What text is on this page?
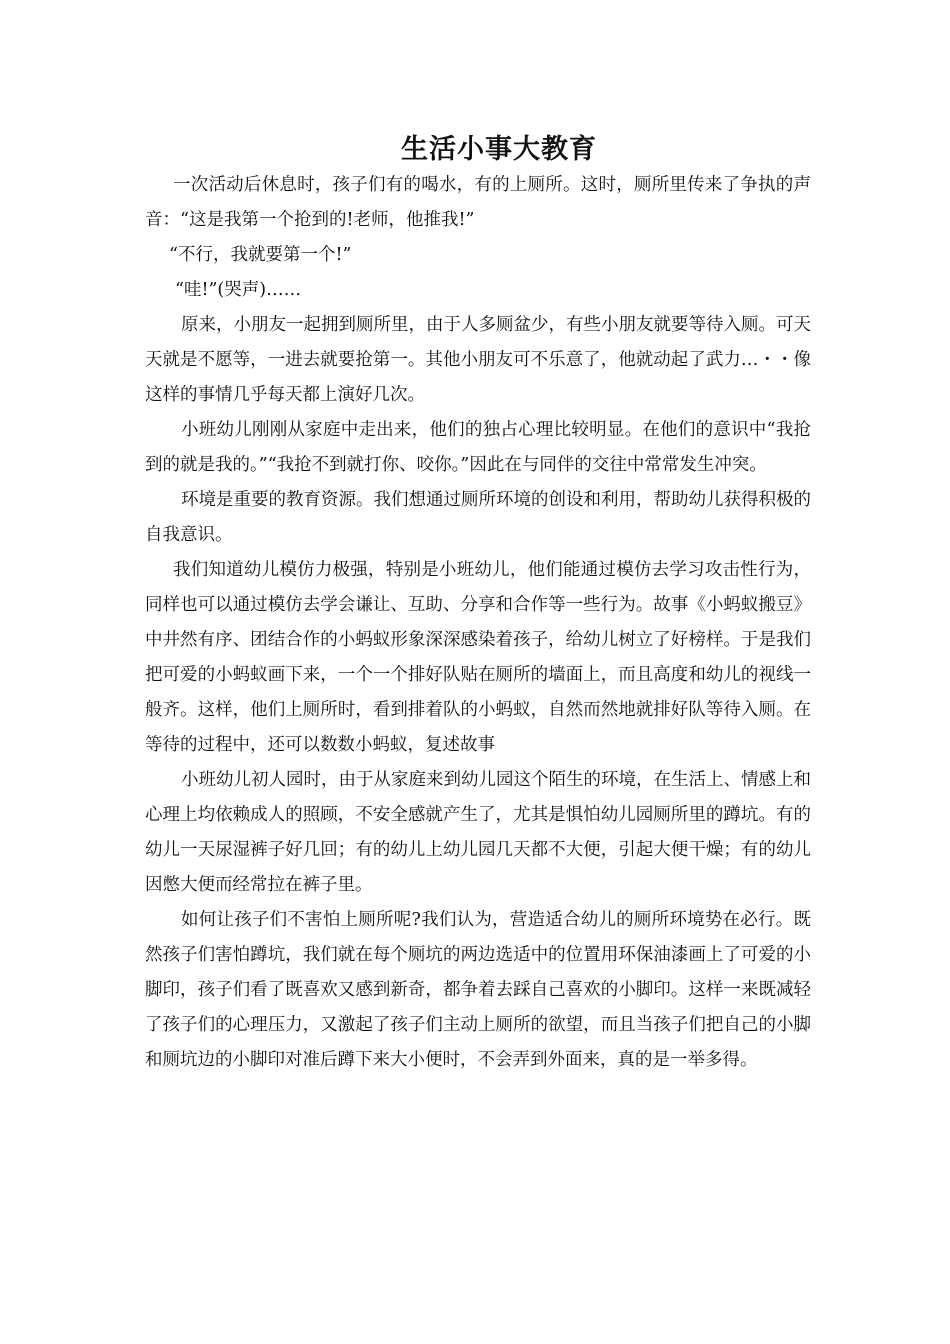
生活小事大教育

一次活动后休息时，孩子们有的喝水，有的上厕所。这时，厕所里传来了争执的声音：“这是我第一个抢到的!老师，他推我!”

“不行，我就要第一个!”

“哇!”(哭声)……

原来，小朋友一起拥到厕所里，由于人多厕盆少，有些小朋友就要等待入厕。可天天就是不愿等，一进去就要抢第一。其他小朋友可不乐意了，他就动起了武力…・・像这样的事情几乎每天都上演好几次。

小班幼儿刚刚从家庭中走出来，他们的独占心理比较明显。在他们的意识中“我抢到的就是我的。”“我抢不到就打你、咬你。”因此在与同伴的交往中常常发生冲突。

环境是重要的教育资源。我们想通过厕所环境的创设和利用，帮助幼儿获得积极的自我意识。

我们知道幼儿模仿力极强，特别是小班幼儿，他们能通过模仿去学习攻击性行为，同样也可以通过模仿去学会谦让、互助、分享和合作等一些行为。故事《小蚂蚁搬豆》中井然有序、团结合作的小蚂蚁形象深深感染着孩子，给幼儿树立了好榜样。于是我们把可爱的小蚂蚁画下来，一个一个排好队贴在厕所的墙面上，而且高度和幼儿的视线一般齐。这样，他们上厕所时，看到排着队的小蚂蚁，自然而然地就排好队等待入厕。在等待的过程中，还可以数数小蚂蚁，复述故事

小班幼儿初人园时，由于从家庭来到幼儿园这个陌生的环境，在生活上、情感上和心理上均依赖成人的照顾，不安全感就产生了，尤其是惧怕幼儿园厕所里的蹲坑。有的幼儿一天尿湿裤子好几回；有的幼儿上幼儿园几天都不大便，引起大便干燥；有的幼儿因憋大便而经常拉在裤子里。

如何让孩子们不害怕上厕所呢?我们认为，营造适合幼儿的厕所环境势在必行。既然孩子们害怕蹲坑，我们就在每个厕坑的两边选适中的位置用环保油漆画上了可爱的小脚印，孩子们看了既喜欢又感到新奇，都争着去踩自己喜欢的小脚印。这样一来既减轻了孩子们的心理压力，又激起了孩子们主动上厕所的欲望，而且当孩子们把自己的小脚和厕坑边的小脚印对准后蹲下来大小便时，不会弄到外面来，真的是一举多得。
